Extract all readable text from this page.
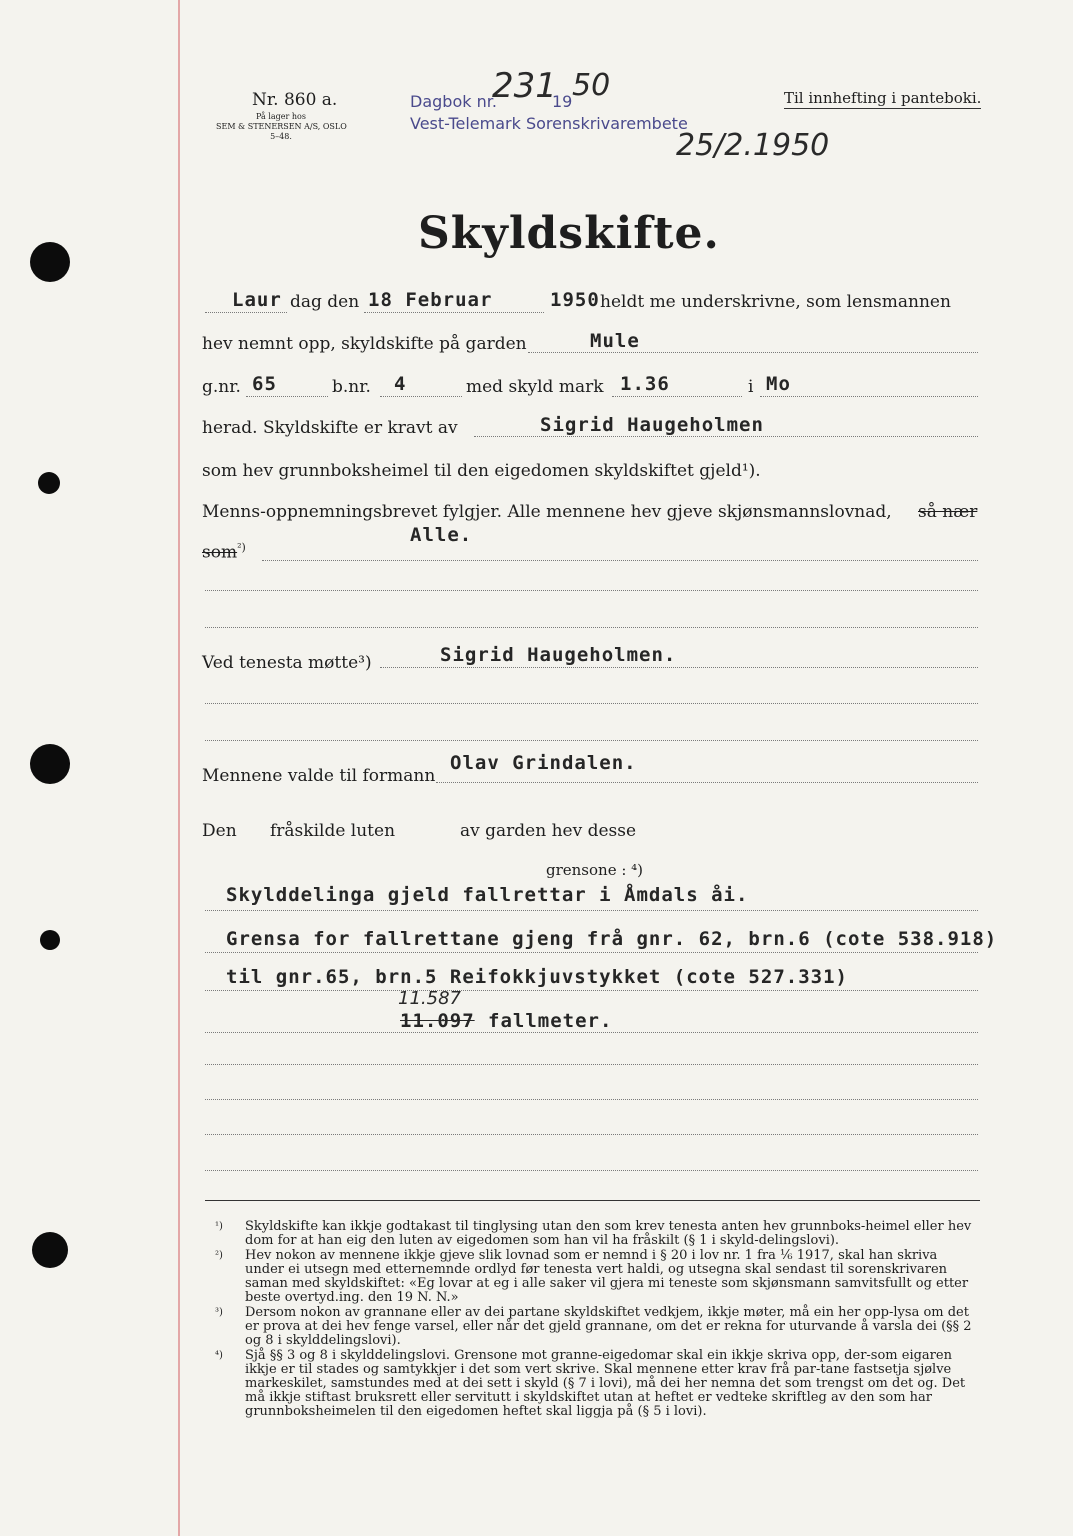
Nr. 860 a.
På lager hos
SEM & STENERSEN A/S, OSLO
5–48.
Dagbok nr.
231
19 50
Vest-Telemark Sorenskrivarembete
25/2.1950
Til innhefting i panteboki.
Skyldskifte.
Laur dag den 18 Februar	1950 heldt me underskrivne, som lensmannen
hev nemnt opp, skyldskifte på garden	Mule
g.nr. 65	b.nr. 4	med skyld mark 1.36	i Mo
herad. Skyldskifte er kravt av	Sigrid Haugeholmen
som hev grunnboksheimel til den eigedomen skyldskiftet gjeld¹).
Menns-oppnemningsbrevet fylgjer. Alle mennene hev gjeve skjønsmannslovnad, så nær
som$^{^2)}$
Alle.
Ved tenesta møtte³)	Sigrid Haugeholmen.
Mennene valde til formann
Olav Grindalen.
Den fråskilde luten	av garden hev desse
grensone : ⁴)
Skylddelinga gjeld fallrettar i Åmdals åi.
Grensa for fallrettane gjeng frå gnr. 62, brn.6 (cote 538.918)
til gnr.65, brn.5 Reifokkjuvstykket (cote 527.331)
11.587
11.097 fallmeter.
¹) Skyldskifte kan ikkje godtakast til tinglysing utan den som krev tenesta anten hev grunnboks-heimel eller hev dom for at han eig den luten av eigedomen som han vil ha fråskilt (§ 1 i skyld-delingslovi).
²) Hev nokon av mennene ikkje gjeve slik lovnad som er nemnd i § 20 i lov nr. 1 fra ⅙ 1917, skal han skriva under ei utsegn med etternemnde ordlyd før tenesta vert haldi, og utsegna skal sendast til sorenskrivaren saman med skyldskiftet: «Eg lovar at eg i alle saker vil gjera mi teneste som skjønsmann samvitsfullt og etter beste overtyd.ing. den 19 N. N.»
³) Dersom nokon av grannane eller av dei partane skyldskiftet vedkjem, ikkje møter, må ein her opp-lysa om det er prova at dei hev fenge varsel, eller når det gjeld grannane, om det er rekna for uturvande å varsla dei (§§ 2 og 8 i skylddelingslovi).
⁴) Sjå §§ 3 og 8 i skylddelingslovi. Grensone mot granne-eigedomar skal ein ikkje skriva opp, der-som eigaren ikkje er til stades og samtykkjer i det som vert skrive. Skal mennene etter krav frå par-tane fastsetja sjølve markeskilet, samstundes med at dei sett i skyld (§ 7 i lovi), må dei her nemna det som trengst om det og. Det må ikkje stiftast bruksrett eller servitutt i skyldskiftet utan at heftet er vedteke skriftleg av den som har grunnboksheimelen til den eigedomen heftet skal liggja på (§ 5 i lovi).
